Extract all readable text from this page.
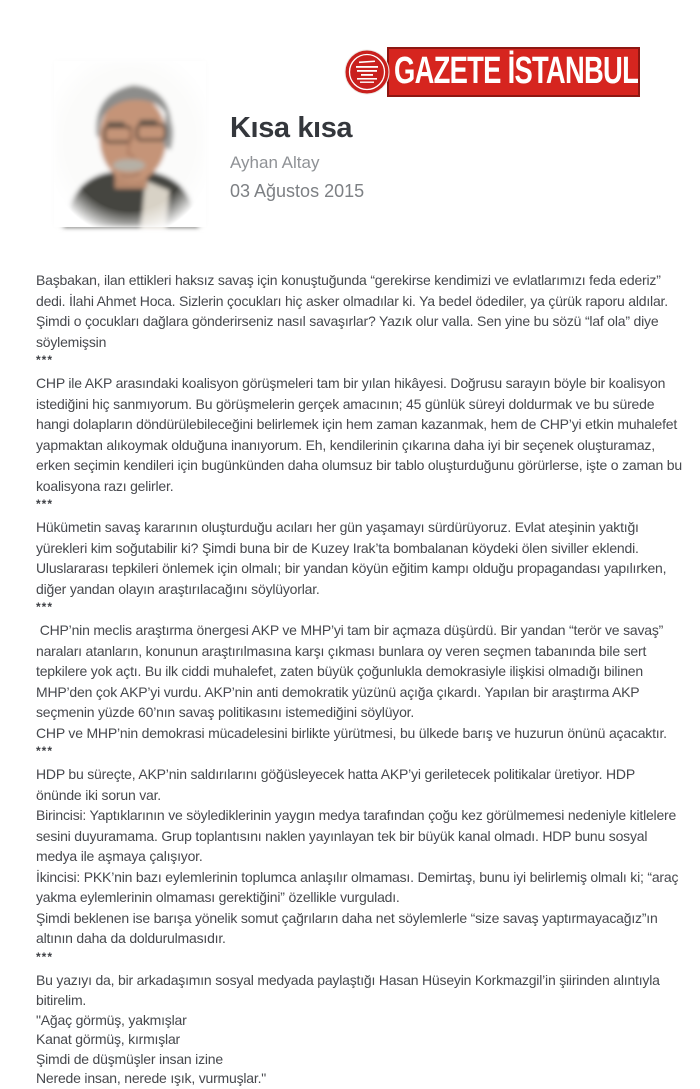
Kısa kısa

Ayhan Altay

03 Ağustos 2015

GAZETE İSTANBUL

Başbakan, ilan ettikleri haksız savaş için konuştuğunda “gerekirse kendimizi ve evlatlarımızı feda ederiz” dedi. İlahi Ahmet Hoca. Sizlerin çocukları hiç asker olmadılar ki. Ya bedel ödediler, ya çürük raporu aldılar. Şimdi o çocukları dağlara gönderirseniz nasıl savaşırlar? Yazık olur valla. Sen yine bu sözü “laf ola” diye söylemişsin

***

CHP ile AKP arasındaki koalisyon görüşmeleri tam bir yılan hikâyesi. Doğrusu sarayın böyle bir koalisyon istediğini hiç sanmıyorum. Bu görüşmelerin gerçek amacının; 45 günlük süreyi doldurmak ve bu sürede hangi dolapların döndürülebileceğini belirlemek için hem zaman kazanmak, hem de CHP’yi etkin muhalefet yapmaktan alıkoymak olduğuna inanıyorum. Eh, kendilerinin çıkarına daha iyi bir seçenek oluşturamaz, erken seçimin kendileri için bugünkünden daha olumsuz bir tablo oluşturduğunu görürlerse, işte o zaman bu koalisyona razı gelirler.

***

Hükümetin savaş kararının oluşturduğu acıları her gün yaşamayı sürdürüyoruz. Evlat ateşinin yaktığı yürekleri kim soğutabilir ki? Şimdi buna bir de Kuzey Irak’ta bombalanan köydeki ölen siviller eklendi. Uluslararası tepkileri önlemek için olmalı; bir yandan köyün eğitim kampı olduğu propagandası yapılırken, diğer yandan olayın araştırılacağını söylüyorlar.

***

CHP’nin meclis araştırma önergesi AKP ve MHP’yi tam bir açmaza düşürdü. Bir yandan “terör ve savaş” naraları atanların, konunun araştırılmasına karşı çıkması bunlara oy veren seçmen tabanında bile sert tepkilere yok açtı. Bu ilk ciddi muhalefet, zaten büyük çoğunlukla demokrasiyle ilişkisi olmadığı bilinen MHP’den çok AKP’yi vurdu. AKP’nin anti demokratik yüzünü açığa çıkardı. Yapılan bir araştırma AKP seçmenin yüzde 60’nın savaş politikasını istemediğini söylüyor.

CHP ve MHP’nin demokrasi mücadelesini birlikte yürütmesi, bu ülkede barış ve huzurun önünü açacaktır.

***

HDP bu süreçte, AKP’nin saldırılarını göğüsleyecek hatta AKP’yi geriletecek politikalar üretiyor. HDP önünde iki sorun var.

Birincisi: Yaptıklarının ve söylediklerinin yaygın medya tarafından çoğu kez görülmemesi nedeniyle kitlelere sesini duyuramama. Grup toplantısını naklen yayınlayan tek bir büyük kanal olmadı. HDP bunu sosyal medya ile aşmaya çalışıyor.

İkincisi: PKK’nin bazı eylemlerinin toplumca anlaşılır olmaması. Demirtaş, bunu iyi belirlemiş olmalı ki; “araç yakma eylemlerinin olmaması gerektiğini” özellikle vurguladı.

Şimdi beklenen ise barışa yönelik somut çağrıların daha net söylemlerle “size savaş yaptırmayacağız”ın altının daha da doldurulmasıdır.

***

Bu yazıyı da, bir arkadaşımın sosyal medyada paylaştığı Hasan Hüseyin Korkmazgil’in şiirinden alıntıyla bitirelim.

"Ağaç görmüş, yakmışlar

Kanat görmüş, kırmışlar

Şimdi de düşmüşler insan izine

Nerede insan, nerede ışık, vurmuşlar."
